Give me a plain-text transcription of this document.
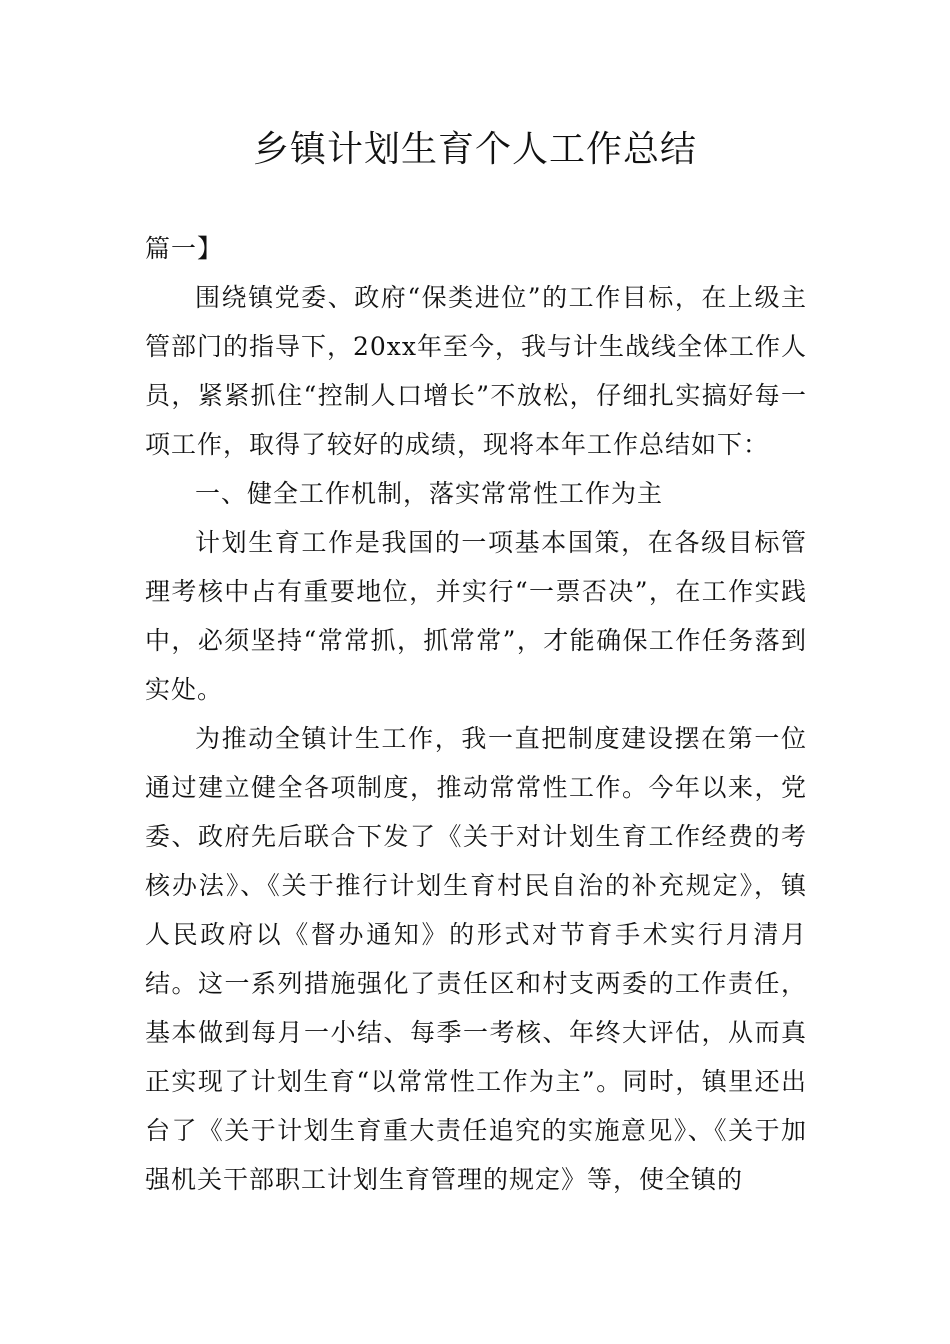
乡镇计划生育个人工作总结

篇一】

围绕镇党委、政府“保类进位”的工作目标，在上级主管部门的指导下，20xx年至今，我与计生战线全体工作人员，紧紧抓住“控制人口增长”不放松，仔细扎实搞好每一项工作，取得了较好的成绩，现将本年工作总结如下：

一、健全工作机制，落实常常性工作为主

计划生育工作是我国的一项基本国策，在各级目标管理考核中占有重要地位，并实行“一票否决”，在工作实践中，必须坚持“常常抓，抓常常”，才能确保工作任务落到实处。

为推动全镇计生工作，我一直把制度建设摆在第一位通过建立健全各项制度，推动常常性工作。今年以来，党委、政府先后联合下发了《关于对计划生育工作经费的考核办法》、《关于推行计划生育村民自治的补充规定》，镇人民政府以《督办通知》的形式对节育手术实行月清月结。这一系列措施强化了责任区和村支两委的工作责任，基本做到每月一小结、每季一考核、年终大评估，从而真正实现了计划生育“以常常性工作为主”。同时，镇里还出台了《关于计划生育重大责任追究的实施意见》、《关于加强机关干部职工计划生育管理的规定》等，使全镇的
